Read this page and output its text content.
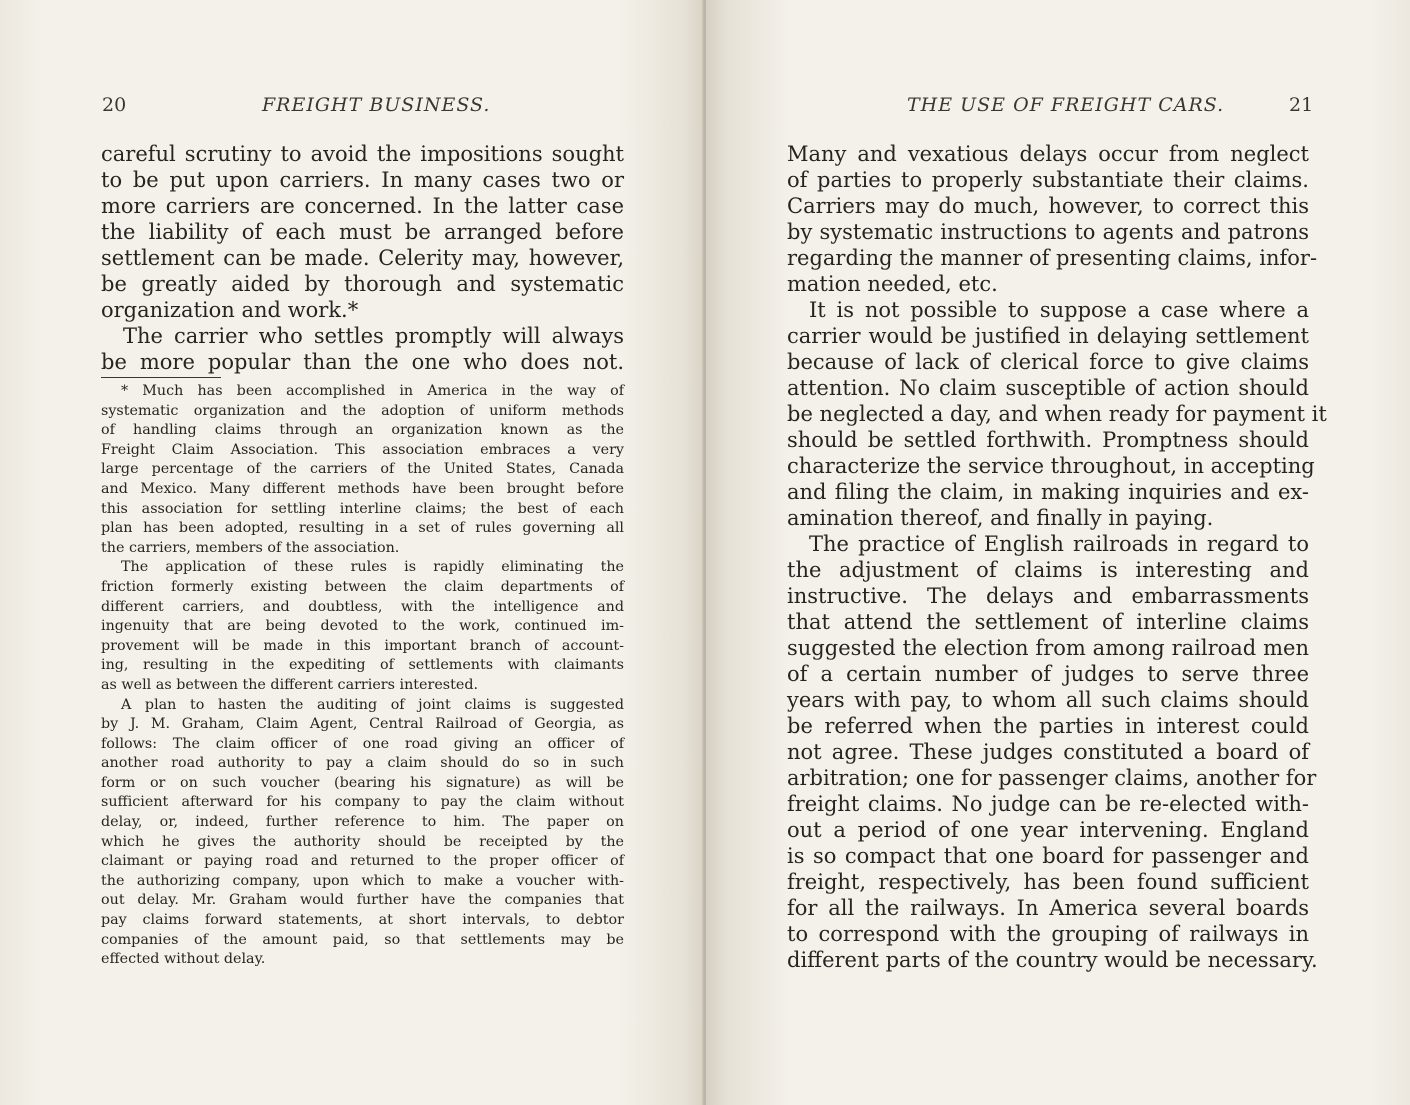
20	FREIGHT BUSINESS.
careful scrutiny to avoid the impositions sought
to be put upon carriers. In many cases two or
more carriers are concerned. In the latter case
the liability of each must be arranged before
settlement can be made. Celerity may, however,
be greatly aided by thorough and systematic
organization and work.*
The carrier who settles promptly will always
be more popular than the one who does not.
* Much has been accomplished in America in the way of
systematic organization and the adoption of uniform methods
of handling claims through an organization known as the
Freight Claim Association. This association embraces a very
large percentage of the carriers of the United States, Canada
and Mexico. Many different methods have been brought before
this association for settling interline claims; the best of each
plan has been adopted, resulting in a set of rules governing all
the carriers, members of the association.
The application of these rules is rapidly eliminating the
friction formerly existing between the claim departments of
different carriers, and doubtless, with the intelligence and
ingenuity that are being devoted to the work, continued im-
provement will be made in this important branch of account-
ing, resulting in the expediting of settlements with claimants
as well as between the different carriers interested.
A plan to hasten the auditing of joint claims is suggested
by J. M. Graham, Claim Agent, Central Railroad of Georgia, as
follows: The claim officer of one road giving an officer of
another road authority to pay a claim should do so in such
form or on such voucher (bearing his signature) as will be
sufficient afterward for his company to pay the claim without
delay, or, indeed, further reference to him. The paper on
which he gives the authority should be receipted by the
claimant or paying road and returned to the proper officer of
the authorizing company, upon which to make a voucher with-
out delay. Mr. Graham would further have the companies that
pay claims forward statements, at short intervals, to debtor
companies of the amount paid, so that settlements may be
effected without delay.
THE USE OF FREIGHT CARS.	21
Many and vexatious delays occur from neglect
of parties to properly substantiate their claims.
Carriers may do much, however, to correct this
by systematic instructions to agents and patrons
regarding the manner of presenting claims, infor-
mation needed, etc.
It is not possible to suppose a case where a
carrier would be justified in delaying settlement
because of lack of clerical force to give claims
attention. No claim susceptible of action should
be neglected a day, and when ready for payment it
should be settled forthwith. Promptness should
characterize the service throughout, in accepting
and filing the claim, in making inquiries and ex-
amination thereof, and finally in paying.
The practice of English railroads in regard to
the adjustment of claims is interesting and
instructive. The delays and embarrassments
that attend the settlement of interline claims
suggested the election from among railroad men
of a certain number of judges to serve three
years with pay, to whom all such claims should
be referred when the parties in interest could
not agree. These judges constituted a board of
arbitration; one for passenger claims, another for
freight claims. No judge can be re-elected with-
out a period of one year intervening. England
is so compact that one board for passenger and
freight, respectively, has been found sufficient
for all the railways. In America several boards
to correspond with the grouping of railways in
different parts of the country would be necessary.
